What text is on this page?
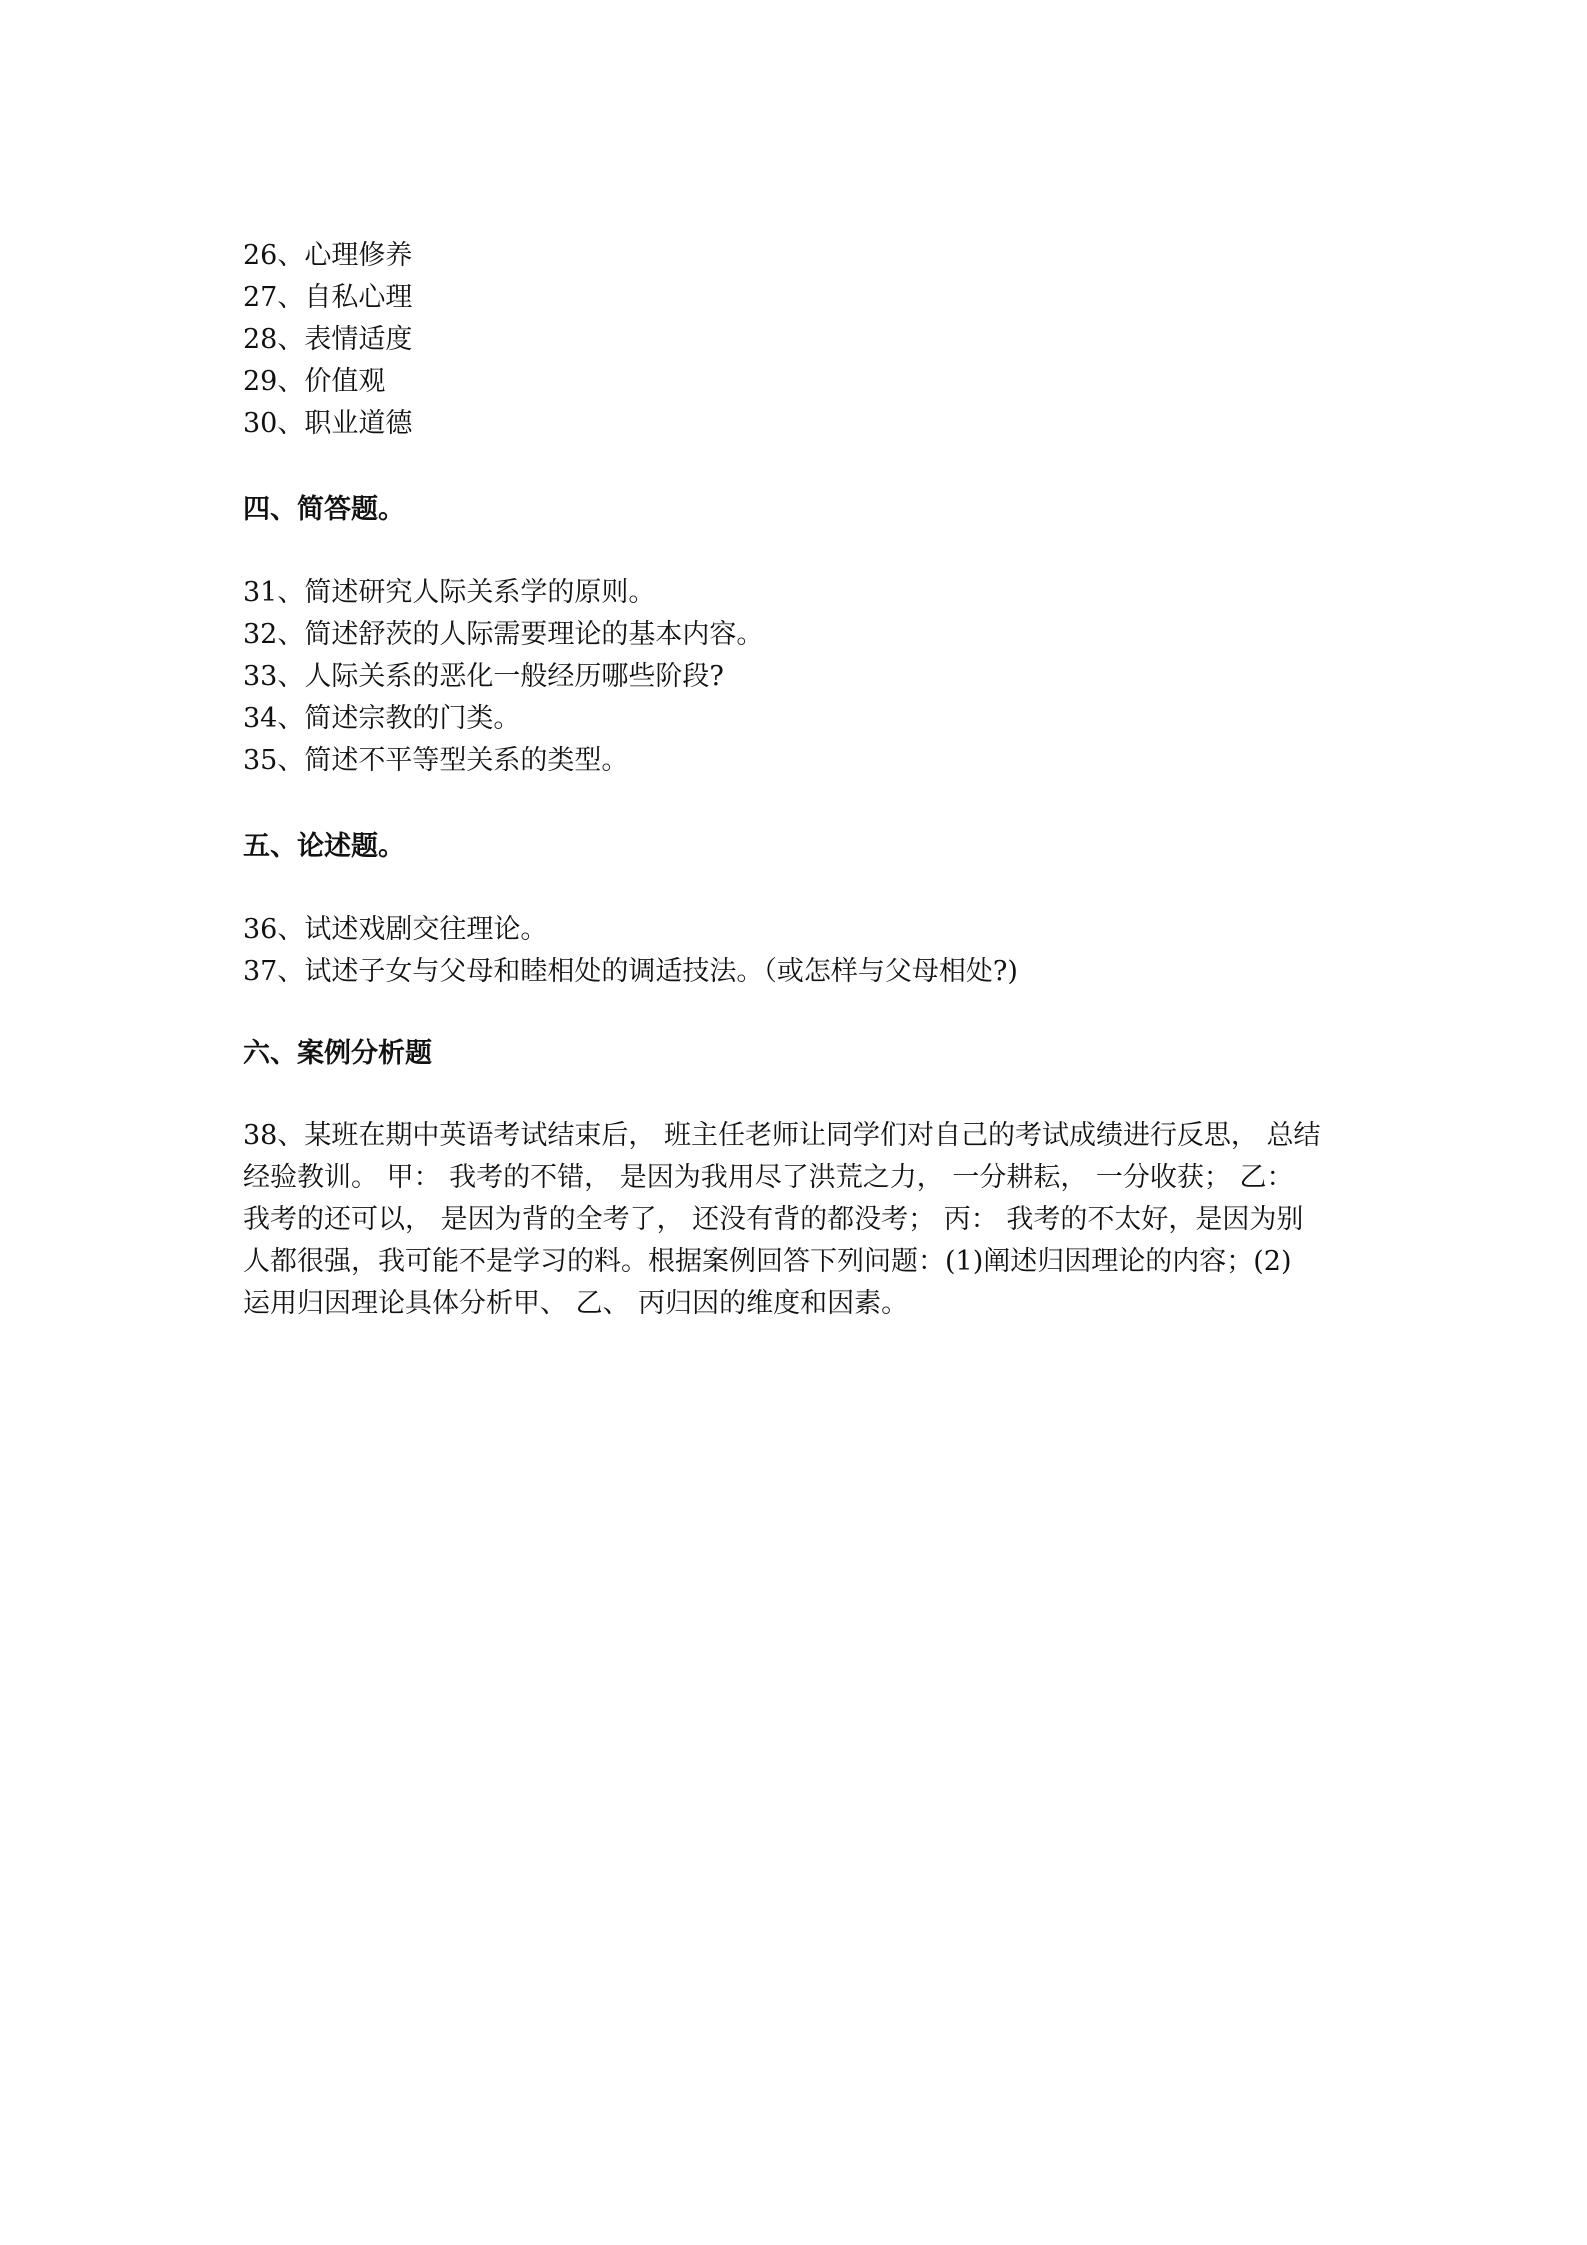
26、心理修养
27、自私心理
28、表情适度
29、价值观
30、职业道德
四、简答题。
31、简述研究人际关系学的原则。
32、简述舒茨的人际需要理论的基本内容。
33、人际关系的恶化一般经历哪些阶段?
34、简述宗教的门类。
35、简述不平等型关系的类型。
五、论述题。
36、试述戏剧交往理论。
37、试述子女与父母和睦相处的调适技法。（或怎样与父母相处?)
六、案例分析题
38、某班在期中英语考试结束后， 班主任老师让同学们对自己的考试成绩进行反思， 总结
经验教训。 甲： 我考的不错， 是因为我用尽了洪荒之力， 一分耕耘， 一分收获； 乙：
我考的还可以， 是因为背的全考了， 还没有背的都没考； 丙： 我考的不太好，是因为别
人都很强，我可能不是学习的料。根据案例回答下列问题：(1)阐述归因理论的内容；(2)
运用归因理论具体分析甲、 乙、 丙归因的维度和因素。
